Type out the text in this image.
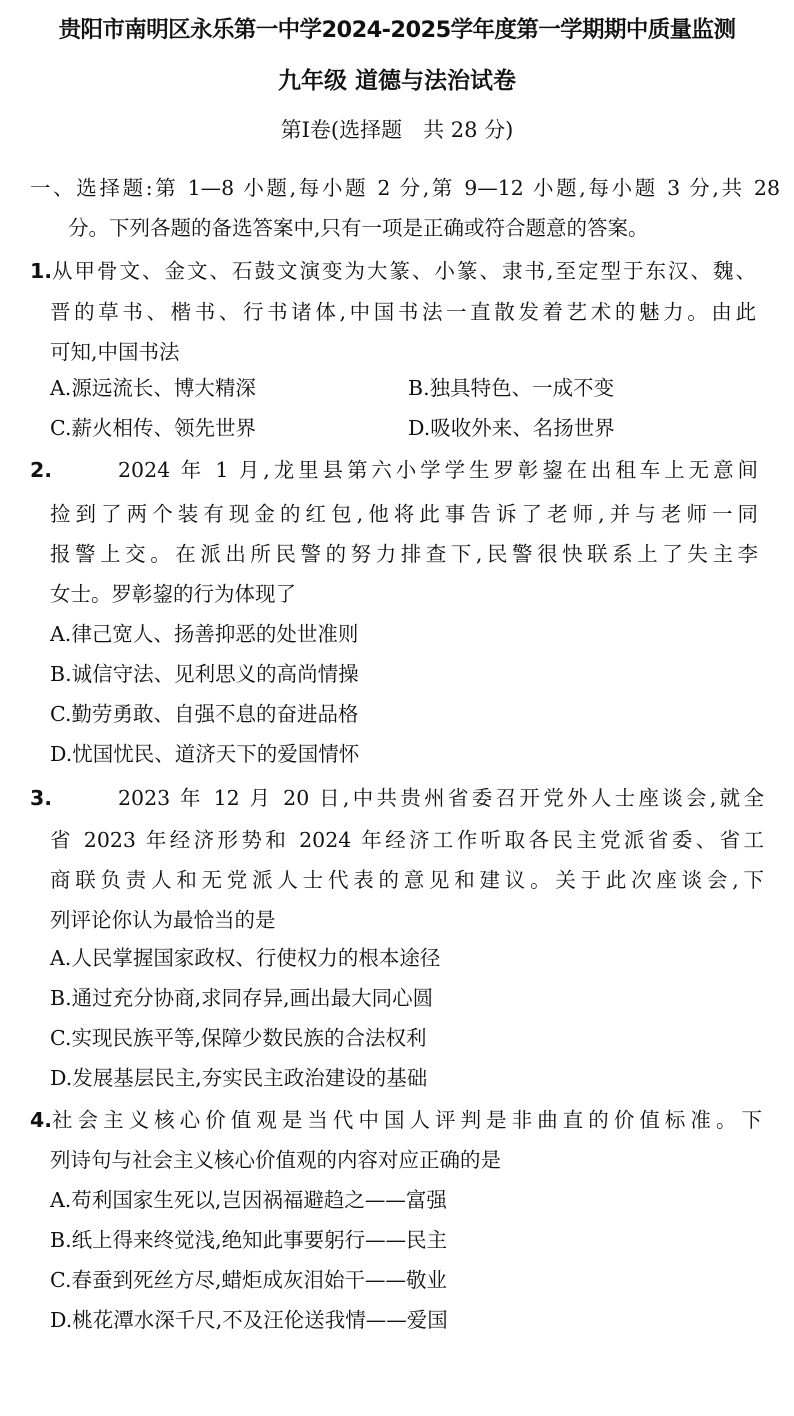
贵阳市南明区永乐第一中学2024-2025学年度第一学期期中质量监测
九年级 道德与法治试卷
第Ⅰ卷(选择题　共 28 分)
一、选择题:第 1—8 小题,每小题 2 分,第 9—12 小题,每小题 3 分,共 28
分。下列各题的备选答案中,只有一项是正确或符合题意的答案。
1. 从甲骨文、金文、石鼓文演变为大篆、小篆、隶书,至定型于东汉、魏、
晋的草书、楷书、行书诸体,中国书法一直散发着艺术的魅力。由此
可知,中国书法
A.源远流长、博大精深	B.独具特色、一成不变
C.薪火相传、领先世界	D.吸收外来、名扬世界
2.	2024 年 1 月,龙里县第六小学学生罗彰鋆在出租车上无意间
捡到了两个装有现金的红包,他将此事告诉了老师,并与老师一同
报警上交。在派出所民警的努力排查下,民警很快联系上了失主李
女士。罗彰鋆的行为体现了
A.律己宽人、扬善抑恶的处世准则
B.诚信守法、见利思义的高尚情操
C.勤劳勇敢、自强不息的奋进品格
D.忧国忧民、道济天下的爱国情怀
3.	2023 年 12 月 20 日,中共贵州省委召开党外人士座谈会,就全
省 2023 年经济形势和 2024 年经济工作听取各民主党派省委、省工
商联负责人和无党派人士代表的意见和建议。关于此次座谈会,下
列评论你认为最恰当的是
A.人民掌握国家政权、行使权力的根本途径
B.通过充分协商,求同存异,画出最大同心圆
C.实现民族平等,保障少数民族的合法权利
D.发展基层民主,夯实民主政治建设的基础
4. 社会主义核心价值观是当代中国人评判是非曲直的价值标准。下
列诗句与社会主义核心价值观的内容对应正确的是
A.苟利国家生死以,岂因祸福避趋之——富强
B.纸上得来终觉浅,绝知此事要躬行——民主
C.春蚕到死丝方尽,蜡炬成灰泪始干——敬业
D.桃花潭水深千尺,不及汪伦送我情——爱国
